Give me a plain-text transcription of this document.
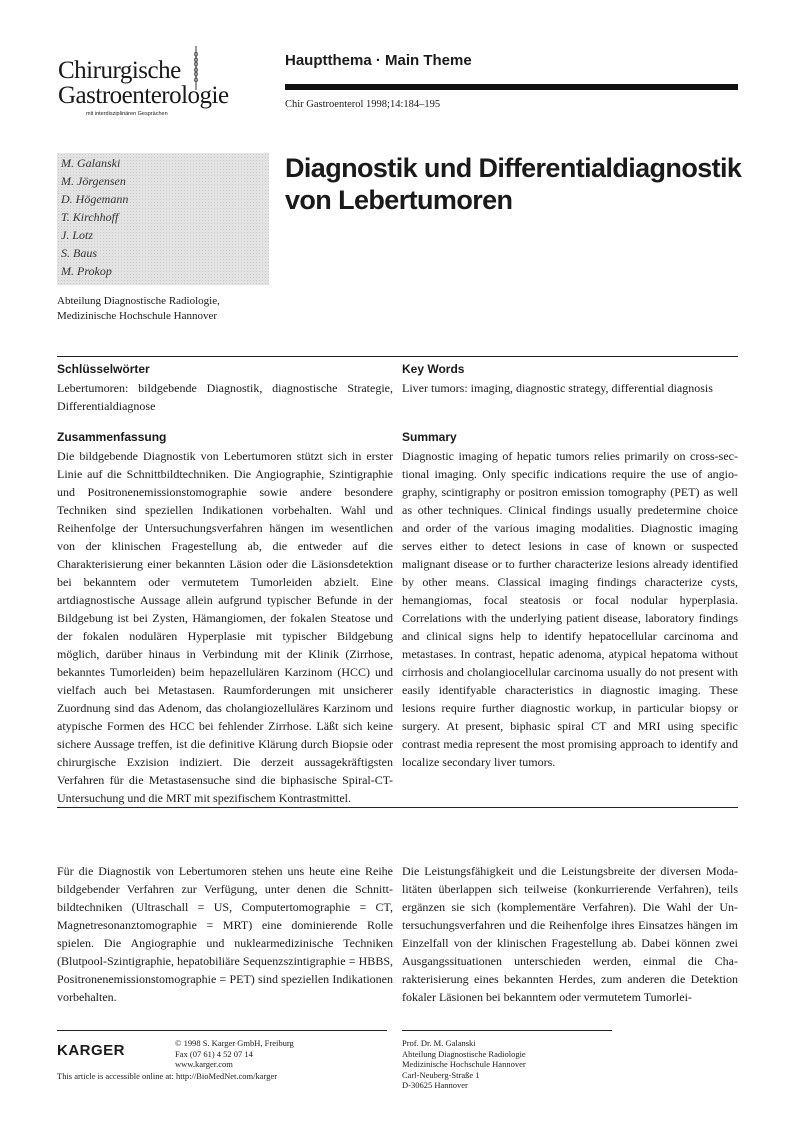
Chirurgische
Gastroenterologie
mit interdisziplinären Gesprächen
Hauptthema · Main Theme
Chir Gastroenterol 1998;14:184–195
M. Galanski
M. Jörgensen
D. Högemann
T. Kirchhoff
J. Lotz
S. Baus
M. Prokop
Abteilung Diagnostische Radiologie,
Medizinische Hochschule Hannover
Diagnostik und Differentialdiagnostik
von Lebertumoren
Schlüsselwörter
Lebertumoren: bildgebende Diagnostik, diagnostische Strategie, Differentialdiagnose
Key Words
Liver tumors: imaging, diagnostic strategy, differential diagnosis
Zusammenfassung
Die bildgebende Diagnostik von Lebertumoren stützt sich in erster Linie auf die Schnittbildtechniken. Die Angiographie, Szintigraphie und Positronenemissionstomographie sowie andere besondere Techniken sind speziellen Indikationen vorbehalten. Wahl und Reihenfolge der Untersuchungsverfahren hängen im wesentlichen von der klinischen Fragestellung ab, die entweder auf die Charakterisierung einer bekannten Läsion oder die Läsionsdetektion bei bekanntem oder vermutetem Tumorleiden abzielt. Eine artdiagnostische Aussage allein aufgrund typischer Befunde in der Bildgebung ist bei Zysten, Hämangiomen, der fokalen Steatose und der fokalen nodulären Hyperplasie mit typischer Bildgebung möglich, darüber hinaus in Verbindung mit der Klinik (Zirrhose, bekanntes Tumorleiden) beim hepazellulären Karzinom (HCC) und vielfach auch bei Metastasen. Raumforderungen mit unsicherer Zuordnung sind das Adenom, das cholangiozelluläres Karzinom und atypische Formen des HCC bei fehlender Zirrhose. Läßt sich keine sichere Aussage treffen, ist die definitive Klärung durch Biopsie oder chirurgische Exzision indiziert. Die derzeit aussagekräftigsten Verfahren für die Metastasensuche sind die biphasische Spiral-CT-Untersuchung und die MRT mit spezifischem Kontrastmittel.
Summary
Diagnostic imaging of hepatic tumors relies primarily on cross-sectional imaging. Only specific indications require the use of angiography, scintigraphy or positron emission tomography (PET) as well as other techniques. Clinical findings usually predetermine choice and order of the various imaging modalities. Diagnostic imaging serves either to detect lesions in case of known or suspected malignant disease or to further characterize lesions already identified by other means. Classical imaging findings characterize cysts, hemangiomas, focal steatosis or focal nodular hyperplasia. Correlations with the underlying patient disease, laboratory findings and clinical signs help to identify hepatocellular carcinoma and metastases. In contrast, hepatic adenoma, atypical hepatoma without cirrhosis and cholangiocellular carcinoma usually do not present with easily identifyable characteristics in diagnostic imaging. These lesions require further diagnostic workup, in particular biopsy or surgery. At present, biphasic spiral CT and MRI using specific contrast media represent the most promising approach to identify and localize secondary liver tumors.
Für die Diagnostik von Lebertumoren stehen uns heute eine Reihe bildgebender Verfahren zur Verfügung, unter denen die Schnittbildtechniken (Ultraschall = US, Computertomographie = CT, Magnetresonanztomographie = MRT) eine dominierende Rolle spielen. Die Angiographie und nuklearmedizinische Techniken (Blutpool-Szintigraphie, hepatobiliäre Sequenzszintigraphie = HBBS, Positronenemissionstomographie = PET) sind speziellen Indikationen vorbehalten.
Die Leistungsfähigkeit und die Leistungsbreite der diversen Modalitäten überlappen sich teilweise (konkurrierende Verfahren), teils ergänzen sie sich (komplementäre Verfahren). Die Wahl der Untersuchungsverfahren und die Reihenfolge ihres Einsatzes hängen im Einzelfall von der klinischen Fragestellung ab. Dabei können zwei Ausgangssituationen unterschieden werden, einmal die Charakterisierung eines bekannten Herdes, zum anderen die Detektion fokaler Läsionen bei bekanntem oder vermutetem Tumorlei-
KARGER	© 1998 S. Karger GmbH, Freiburg
Fax (07 61) 4 52 07 14
www.karger.com
This article is accessible online at: http://BioMedNet.com/karger
Prof. Dr. M. Galanski
Abteilung Diagnostische Radiologie
Medizinische Hochschule Hannover
Carl-Neuberg-Straße 1
D-30625 Hannover
